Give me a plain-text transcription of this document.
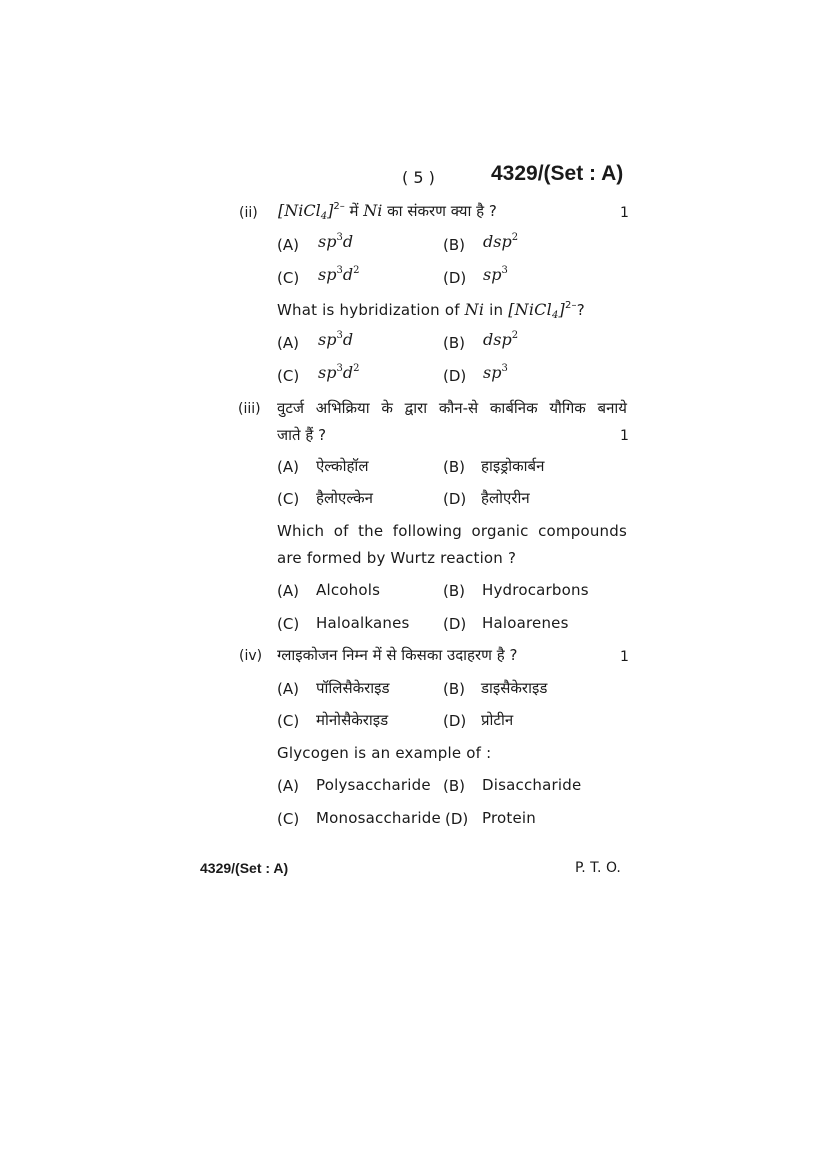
( 5 )	4329/(Set : A)
(ii) [NiCl$_4$]$^{2-}$ में Ni का संकरण क्या है ?	1
(A) $sp^3d$	(B) dsp$^2$
(C) $sp^3d^2$	(D) $sp^3$
What is hybridization of Ni in [NiCl$_4$]$^{2-}$?
(A) $sp^3d$	(B) dsp$^2$
(C) $sp^3d^2$	(D) $sp^3$
(iii) वुटर्ज अभिक्रिया के द्वारा कौन-से कार्बनिक यौगिक बनाये
जाते हैं ?	1
(A) ऐल्कोहॉल	(B) हाइड्रोकार्बन
(C) हैलोएल्केन	(D) हैलोएरीन
Which of the following organic compounds
are formed by Wurtz reaction ?
(A) Alcohols	(B) Hydrocarbons
(C) Haloalkanes (D) Haloarenes
(iv) ग्लाइकोजन निम्न में से किसका उदाहरण है ?	1
(A) पॉलिसैकेराइड	(B) डाइसैकेराइड
(C) मोनोसैकेराइड	(D) प्रोटीन
Glycogen is an example of :
(A) Polysaccharide (B) Disaccharide
(C) Monosaccharide (D) Protein
4329/(Set : A)	P. T. O.
